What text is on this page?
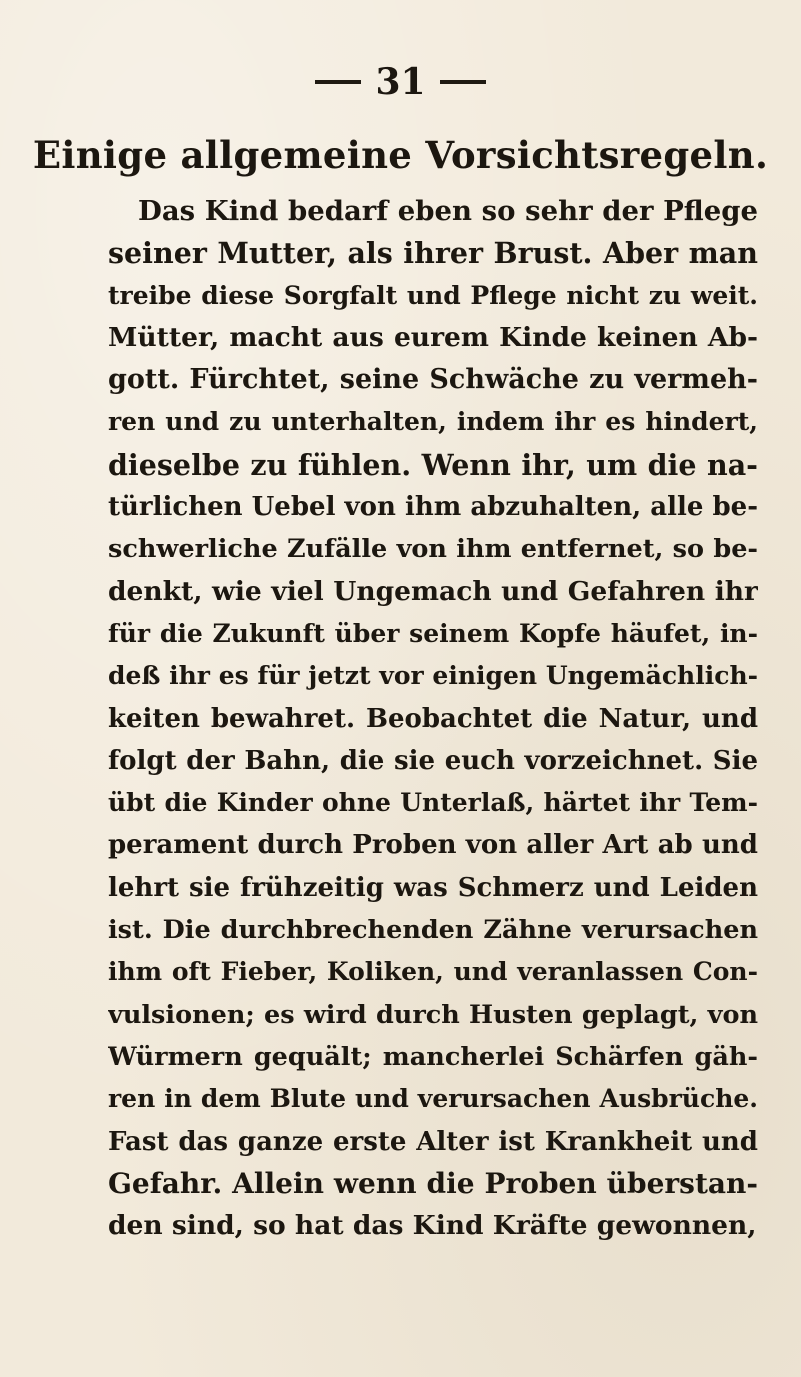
31
Einige allgemeine Vorsichtsregeln.
Das Kind bedarf eben so sehr der Pflege
seiner Mutter, als ihrer Brust. Aber man
treibe diese Sorgfalt und Pflege nicht zu weit.
Mütter, macht aus eurem Kinde keinen Ab-
gott. Fürchtet, seine Schwäche zu vermeh-
ren und zu unterhalten, indem ihr es hindert,
dieselbe zu fühlen. Wenn ihr, um die na-
türlichen Uebel von ihm abzuhalten, alle be-
schwerliche Zufälle von ihm entfernet, so be-
denkt, wie viel Ungemach und Gefahren ihr
für die Zukunft über seinem Kopfe häufet, in-
deß ihr es für jetzt vor einigen Ungemächlich-
keiten bewahret. Beobachtet die Natur, und
folgt der Bahn, die sie euch vorzeichnet. Sie
übt die Kinder ohne Unterlaß, härtet ihr Tem-
perament durch Proben von aller Art ab und
lehrt sie frühzeitig was Schmerz und Leiden
ist. Die durchbrechenden Zähne verursachen
ihm oft Fieber, Koliken, und veranlassen Con-
vulsionen; es wird durch Husten geplagt, von
Würmern gequält; mancherlei Schärfen gäh-
ren in dem Blute und verursachen Ausbrüche.
Fast das ganze erste Alter ist Krankheit und
Gefahr. Allein wenn die Proben überstan-
den sind, so hat das Kind Kräfte gewonnen,
